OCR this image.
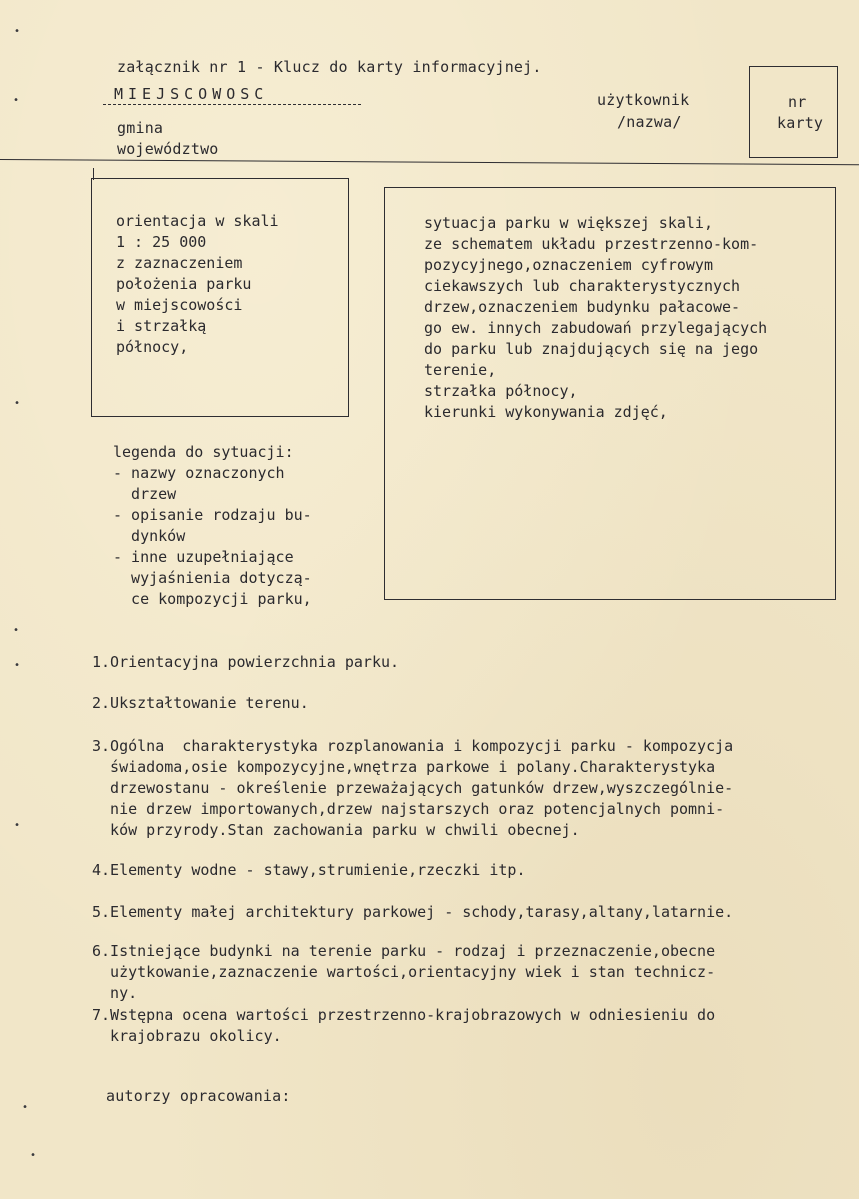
załącznik nr 1 - Klucz do karty informacyjnej.
MIEJSCOWOSC
gmina
województwo
użytkownik
/nazwa/
nr
karty
orientacja w skali
1 : 25 000
z zaznaczeniem
położenia parku
w miejscowości
i strzałką
północy,
sytuacja parku w większej skali,
ze schematem układu przestrzenno-kom-
pozycyjnego,oznaczeniem cyfrowym
ciekawszych lub charakterystycznych
drzew,oznaczeniem budynku pałacowe-
go ew. innych zabudowań przylegających
do parku lub znajdujących się na jego
terenie,
strzałka północy,
kierunki wykonywania zdjęć,
legenda do sytuacji:
- nazwy oznaczonych
drzew
- opisanie rodzaju bu-
dynków
- inne uzupełniające
wyjaśnienia dotyczą-
ce kompozycji parku,
1.Orientacyjna powierzchnia parku.
2.Ukształtowanie terenu.
3.Ogólna  charakterystyka rozplanowania i kompozycji parku - kompozycja
świadoma,osie kompozycyjne,wnętrza parkowe i polany.Charakterystyka
drzewostanu - określenie przeważających gatunków drzew,wyszczególnie-
nie drzew importowanych,drzew najstarszych oraz potencjalnych pomni-
ków przyrody.Stan zachowania parku w chwili obecnej.
4.Elementy wodne - stawy,strumienie,rzeczki itp.
5.Elementy małej architektury parkowej - schody,tarasy,altany,latarnie.
6.Istniejące budynki na terenie parku - rodzaj i przeznaczenie,obecne
użytkowanie,zaznaczenie wartości,orientacyjny wiek i stan technicz-
ny.
7.Wstępna ocena wartości przestrzenno-krajobrazowych w odniesieniu do
krajobrazu okolicy.
autorzy opracowania:
•
•
•
•
•
•
•
•
